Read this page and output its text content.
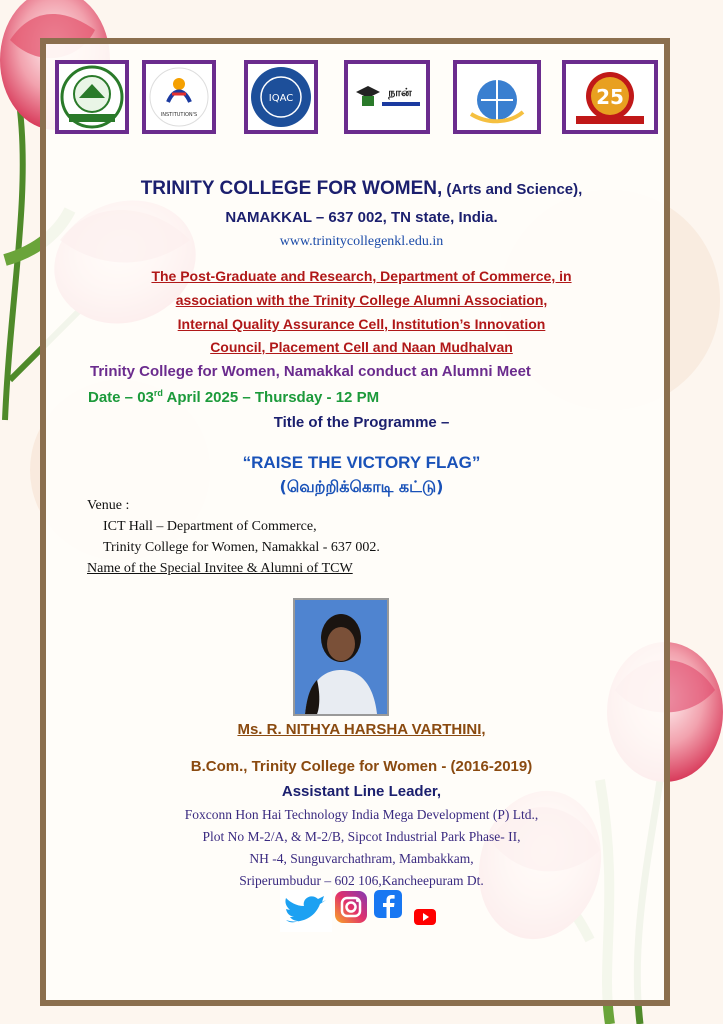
INSTITUTION'S
IQAC	நான்	25
TRINITY COLLEGE FOR WOMEN, (Arts and Science),
NAMAKKAL – 637 002, TN state, India.
www.trinitycollegenkl.edu.in
The Post-Graduate and Research, Department of Commerce, in
association with the Trinity College Alumni Association,
Internal Quality Assurance Cell, Institution’s Innovation
Council, Placement Cell and Naan Mudhalvan
Trinity College for Women, Namakkal conduct an Alumni Meet
Date – 03rd April 2025 – Thursday - 12 PM
Title of the Programme –
“RAISE THE VICTORY FLAG”
(வெற்றிக்கொடி கட்டு)
Venue :
ICT Hall – Department of Commerce,
Trinity College for Women, Namakkal - 637 002.
Name of the Special Invitee & Alumni of TCW
Ms. R. NITHYA HARSHA VARTHINI,
B.Com., Trinity College for Women - (2016-2019)
Assistant Line Leader,
Foxconn Hon Hai Technology India Mega Development (P) Ltd.,
Plot No M-2/A, & M-2/B, Sipcot Industrial Park Phase- II,
NH -4, Sunguvarchathram, Mambakkam,
Sriperumbudur – 602 106,Kancheepuram Dt.
